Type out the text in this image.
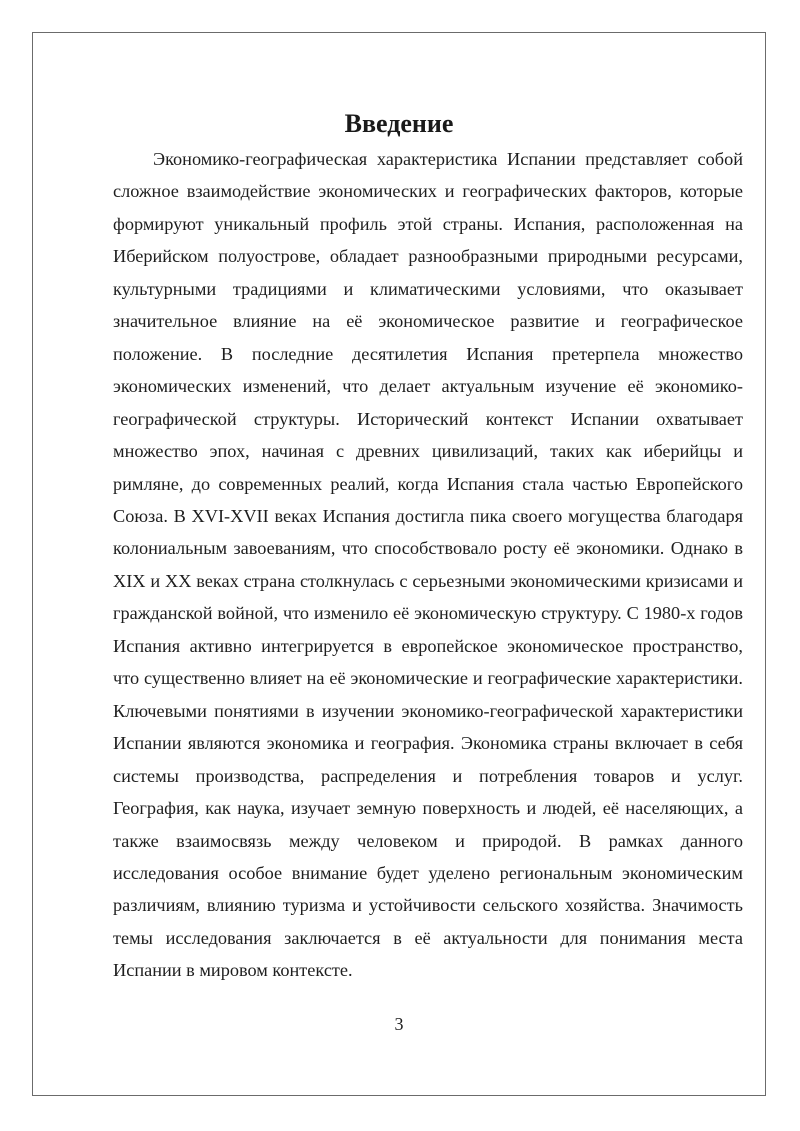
Введение

Экономико-географическая характеристика Испании представляет собой сложное взаимодействие экономических и географических факторов, которые формируют уникальный профиль этой страны. Испания, расположенная на Иберийском полуострове, обладает разнообразными природными ресурсами, культурными традициями и климатическими условиями, что оказывает значительное влияние на её экономическое развитие и географическое положение. В последние десятилетия Испания претерпела множество экономических изменений, что делает актуальным изучение её экономико-географической структуры. Исторический контекст Испании охватывает множество эпох, начиная с древних цивилизаций, таких как иберийцы и римляне, до современных реалий, когда Испания стала частью Европейского Союза. В XVI-XVII веках Испания достигла пика своего могущества благодаря колониальным завоеваниям, что способствовало росту её экономики. Однако в XIX и XX веках страна столкнулась с серьезными экономическими кризисами и гражданской войной, что изменило её экономическую структуру. С 1980-х годов Испания активно интегрируется в европейское экономическое пространство, что существенно влияет на её экономические и географические характеристики. Ключевыми понятиями в изучении экономико-географической характеристики Испании являются экономика и география. Экономика страны включает в себя системы производства, распределения и потребления товаров и услуг. География, как наука, изучает земную поверхность и людей, её населяющих, а также взаимосвязь между человеком и природой. В рамках данного исследования особое внимание будет уделено региональным экономическим различиям, влиянию туризма и устойчивости сельского хозяйства. Значимость темы исследования заключается в её актуальности для понимания места Испании в мировом контексте.

3
